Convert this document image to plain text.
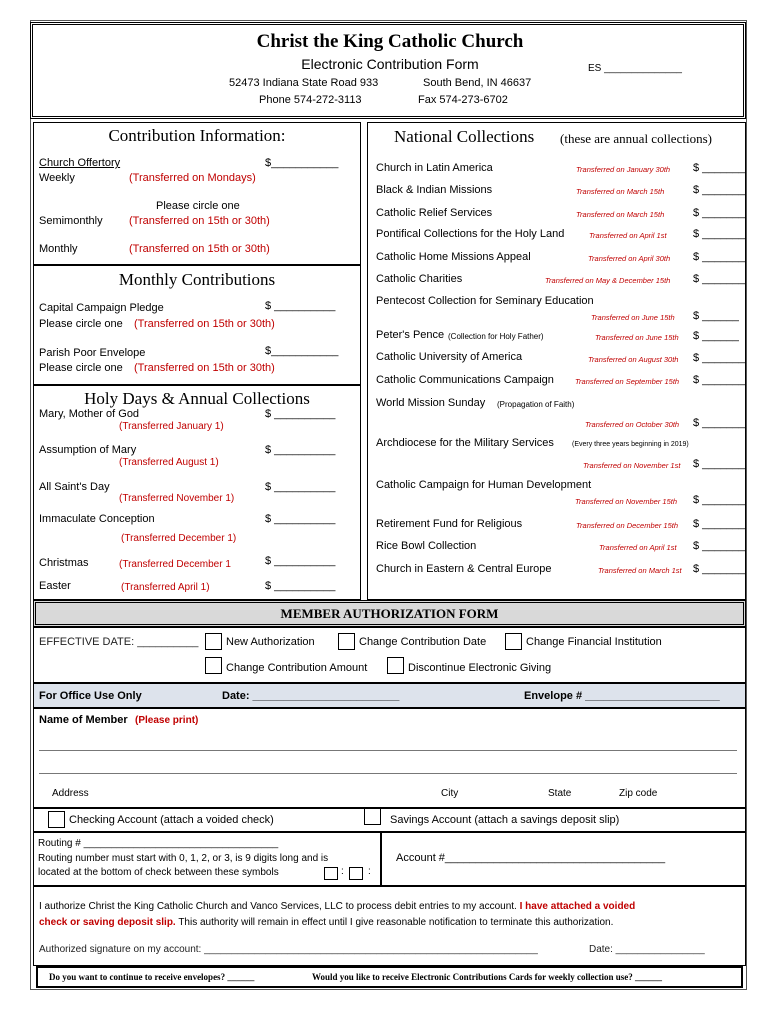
Christ the King Catholic Church
Electronic Contribution Form	ES ______________
52473 Indiana State Road 933	South Bend, IN 46637
Phone 574-272-3113	Fax 574-273-6702
Contribution Information:
Church Offertory	$___________
Weekly	(Transferred on Mondays)
Please circle one
Semimonthly (Transferred on 15th or 30th)
Monthly	(Transferred on 15th or 30th)
Monthly Contributions
Capital Campaign Pledge	$ __________
Please circle one (Transferred on 15th or 30th)
Parish Poor Envelope	$___________
Please circle one (Transferred on 15th or 30th)
Holy Days & Annual Collections
Mary, Mother of God
(Transferred January 1)
$ __________
Assumption of Mary
(Transferred August 1)
$ __________
All Saint's Day
(Transferred November 1)
$ __________
Immaculate Conception
(Transferred December 1)
$ __________
Christmas	(Transferred December 1	$ __________
Easter	(Transferred April 1)	$ __________
National Collections (these are annual collections)
Church in Latin America	Transferred on January 30th $ _______
Black & Indian Missions	Transferred on March 15th	$ _______
Catholic Relief Services	Transferred on March 15th	$ _______
Pontifical Collections for the Holy Land	Transferred on April 1st $ _______
Catholic Home Missions Appeal	Transferred on April 30th $ _______
Catholic Charities	Transferred on May & December 15th $ _______
Pentecost Collection for Seminary Education
Transferred on June 15th $ ______
Peter's Pence (Collection for Holy Father)	Transferred on June 15th $ ______
Catholic University of America	Transferred on August 30th $ _______
Catholic Communications Campaign	Transferred on September 15th $ _______
World Mission Sunday (Propagation of Faith)
Transferred on October 30th $ _______
Archdiocese for the Military Services	(Every three years beginning in 2019)
Transferred on November 1st $ _______
Catholic Campaign for Human Development
Transferred on November 15th $ _______
Retirement Fund for Religious	Transferred on December 15th $ _______
Rice Bowl Collection	Transferred on April 1st $ _______
Church in Eastern & Central Europe	Transferred on March 1st $ _______
MEMBER AUTHORIZATION FORM
EFFECTIVE DATE: __________	New Authorization	Change Contribution Date	Change Financial Institution
Change Contribution Amount	Discontinue Electronic Giving
For Office Use Only	Date: ________________________	Envelope # ______________________
Name of Member (Please print)
Address	City	State	Zip code
Checking Account (attach a voided check)	Savings Account (attach a savings deposit slip)
Routing # ___________________________________
Routing number must start with 0, 1, 2, or 3, is 9 digits long and is
located at the bottom of check between these symbols	: :
Account #____________________________________
I authorize Christ the King Catholic Church and Vanco Services, LLC to process debit entries to my account. I have attached a voided
check or saving deposit slip. This authority will remain in effect until I give reasonable notification to terminate this authorization.
Authorized signature on my account: ____________________________________________________________	Date: ________________
Do you want to continue to receive envelopes? ______	Would you like to receive Electronic Contributions Cards for weekly collection use? ______
